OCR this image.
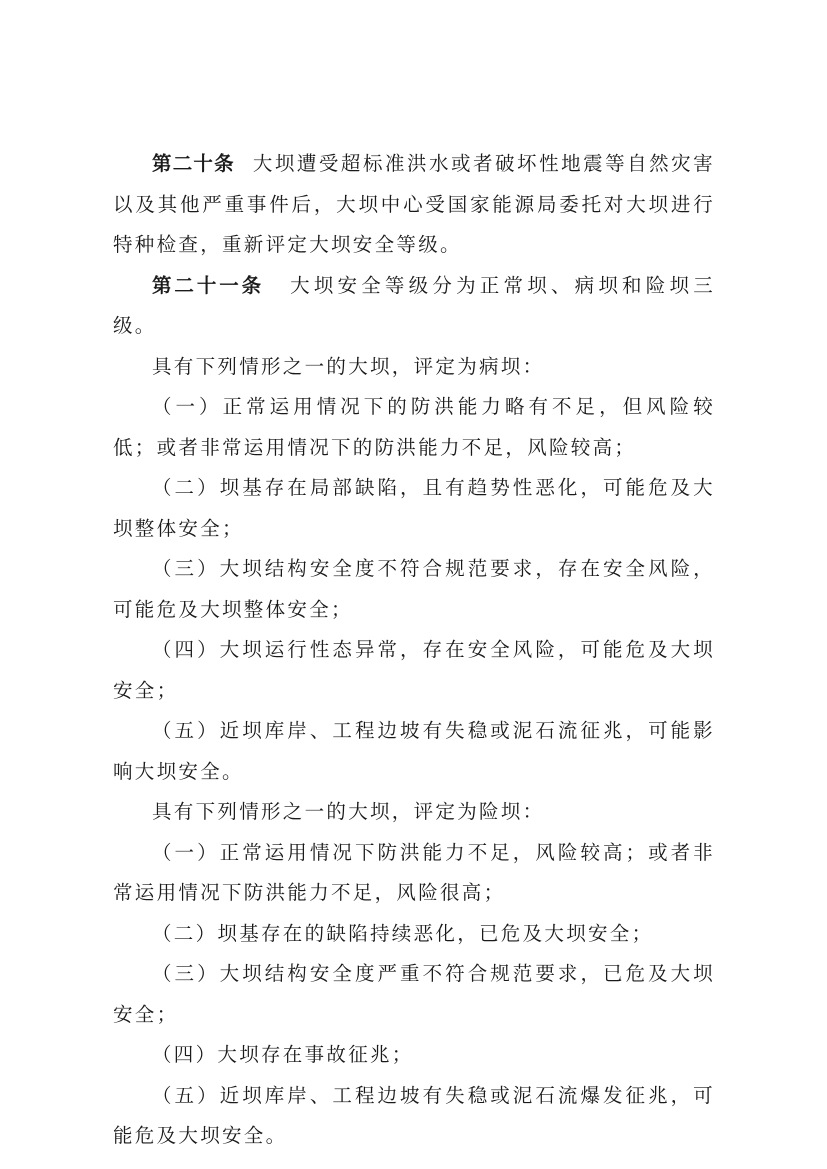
第二十条 大坝遭受超标准洪水或者破坏性地震等自然灾害以及其他严重事件后，大坝中心受国家能源局委托对大坝进行特种检查，重新评定大坝安全等级。

第二十一条 大坝安全等级分为正常坝、病坝和险坝三级。

具有下列情形之一的大坝，评定为病坝：

（一）正常运用情况下的防洪能力略有不足，但风险较低；或者非常运用情况下的防洪能力不足，风险较高；

（二）坝基存在局部缺陷，且有趋势性恶化，可能危及大坝整体安全；

（三）大坝结构安全度不符合规范要求，存在安全风险，可能危及大坝整体安全；

（四）大坝运行性态异常，存在安全风险，可能危及大坝安全；

（五）近坝库岸、工程边坡有失稳或泥石流征兆，可能影响大坝安全。

具有下列情形之一的大坝，评定为险坝：

（一）正常运用情况下防洪能力不足，风险较高；或者非常运用情况下防洪能力不足，风险很高；

（二）坝基存在的缺陷持续恶化，已危及大坝安全；

（三）大坝结构安全度严重不符合规范要求，已危及大坝安全；

（四）大坝存在事故征兆；

（五）近坝库岸、工程边坡有失稳或泥石流爆发征兆，可能危及大坝安全。
